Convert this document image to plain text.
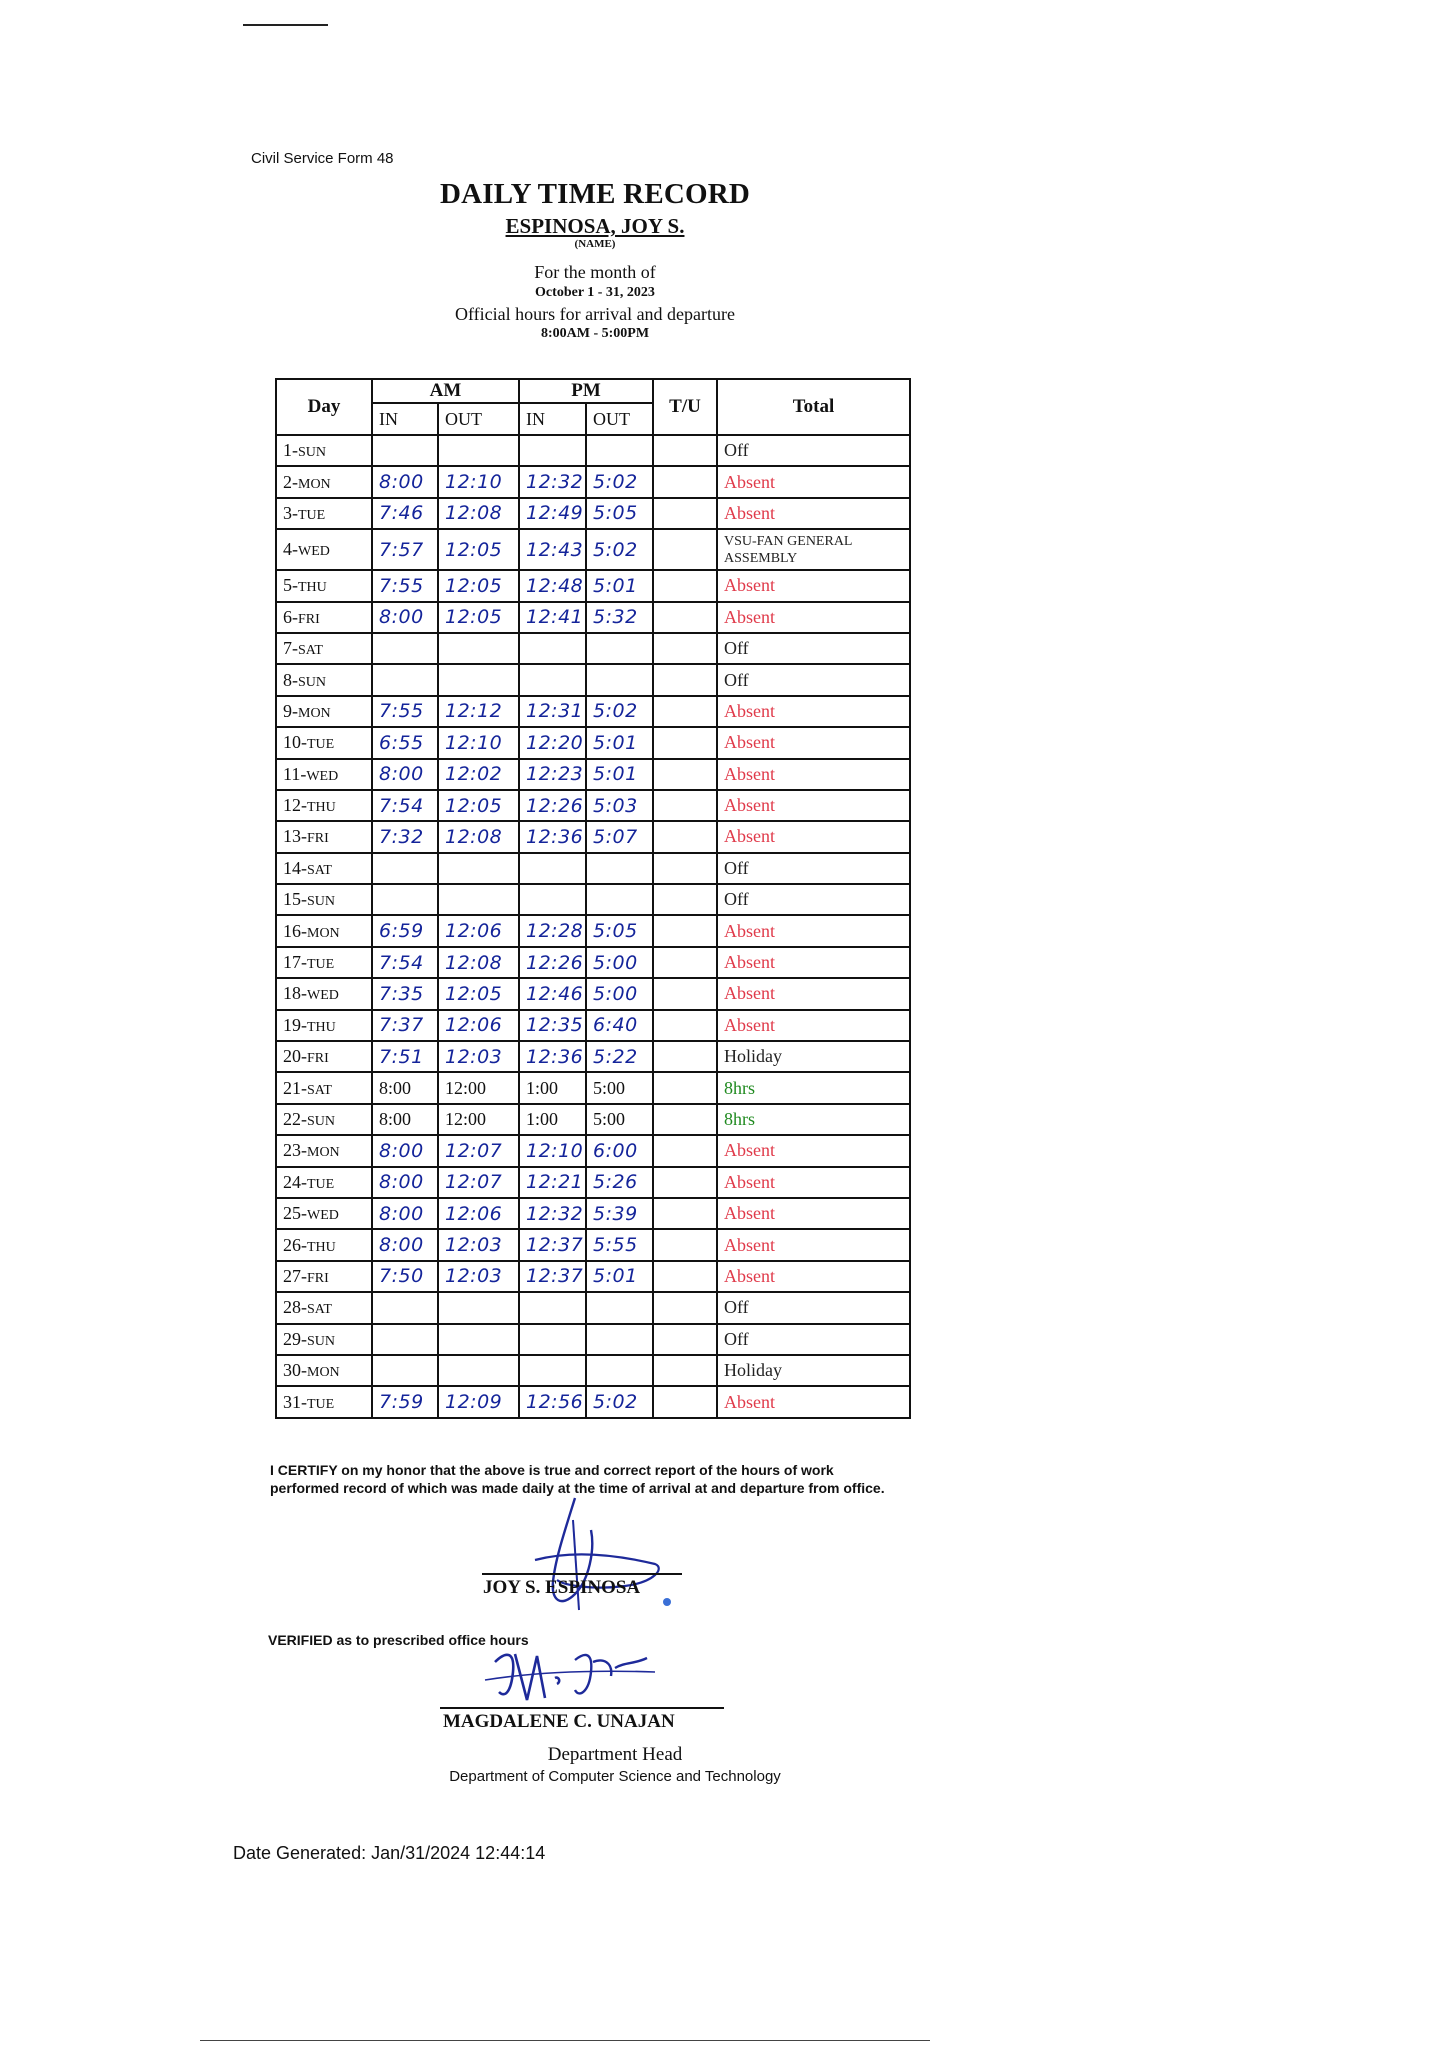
Civil Service Form 48
DAILY TIME RECORD
ESPINOSA, JOY S.
(NAME)
For the month of
October 1 - 31, 2023
Official hours for arrival and departure
8:00AM - 5:00PM
Day	AM		PM		T/U	Total
	IN	OUT	IN	OUT		
1-SUN						Off
2-MON	8:00	12:10	12:32	5:02		Absent
3-TUE	7:46	12:08	12:49	5:05		Absent
4-WED	7:57	12:05	12:43	5:02		VSU-FAN GENERAL ASSEMBLY
5-THU	7:55	12:05	12:48	5:01		Absent
6-FRI	8:00	12:05	12:41	5:32		Absent
7-SAT						Off
8-SUN						Off
9-MON	7:55	12:12	12:31	5:02		Absent
10-TUE	6:55	12:10	12:20	5:01		Absent
11-WED	8:00	12:02	12:23	5:01		Absent
12-THU	7:54	12:05	12:26	5:03		Absent
13-FRI	7:32	12:08	12:36	5:07		Absent
14-SAT						Off
15-SUN						Off
16-MON	6:59	12:06	12:28	5:05		Absent
17-TUE	7:54	12:08	12:26	5:00		Absent
18-WED	7:35	12:05	12:46	5:00		Absent
19-THU	7:37	12:06	12:35	6:40		Absent
20-FRI	7:51	12:03	12:36	5:22		Holiday
21-SAT	8:00	12:00	1:00	5:00		8hrs
22-SUN	8:00	12:00	1:00	5:00		8hrs
23-MON	8:00	12:07	12:10	6:00		Absent
24-TUE	8:00	12:07	12:21	5:26		Absent
25-WED	8:00	12:06	12:32	5:39		Absent
26-THU	8:00	12:03	12:37	5:55		Absent
27-FRI	7:50	12:03	12:37	5:01		Absent
28-SAT						Off
29-SUN						Off
30-MON						Holiday
31-TUE	7:59	12:09	12:56	5:02		Absent
I CERTIFY on my honor that the above is true and correct report of the hours of work performed record of which was made daily at the time of arrival at and departure from office.
JOY S. ESPINOSA
VERIFIED as to prescribed office hours
MAGDALENE C. UNAJAN
Department Head
Department of Computer Science and Technology
Date Generated: Jan/31/2024 12:44:14
